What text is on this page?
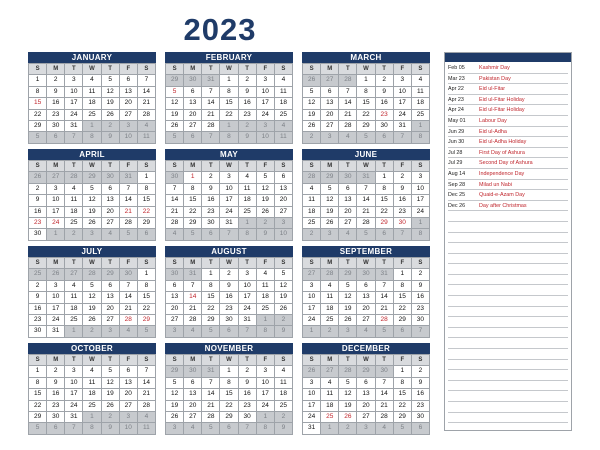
2023
JANUARY
S	M	T	W	T	F	S
1	2	3	4	5	6	7
8	9	10	11	12	13	14
15	16	17	18	19	20	21
22	23	24	25	26	27	28
29	30	31	1	2	3	4
5	6	7	8	9	10	11
FEBRUARY
S	M	T	W	T	F	S
29	30	31	1	2	3	4
5	6	7	8	9	10	11
12	13	14	15	16	17	18
19	20	21	22	23	24	25
26	27	28	1	2	3	4
5	6	7	8	9	10	11
MARCH
S	M	T	W	T	F	S
26	27	28	1	2	3	4
5	6	7	8	9	10	11
12	13	14	15	16	17	18
19	20	21	22	23	24	25
26	27	28	29	30	31	1
2	3	4	5	6	7	8
APRIL
S	M	T	W	T	F	S
26	27	28	29	30	31	1
2	3	4	5	6	7	8
9	10	11	12	13	14	15
16	17	18	19	20	21	22
23	24	25	26	27	28	29
30	1	2	3	4	5	6
MAY
S	M	T	W	T	F	S
30	1	2	3	4	5	6
7	8	9	10	11	12	13
14	15	16	17	18	19	20
21	22	23	24	25	26	27
28	29	30	31	1	2	3
4	5	6	7	8	9	10
JUNE
S	M	T	W	T	F	S
28	29	30	31	1	2	3
4	5	6	7	8	9	10
11	12	13	14	15	16	17
18	19	20	21	22	23	24
25	26	27	28	29	30	1
2	3	4	5	6	7	8
JULY
S	M	T	W	T	F	S
25	26	27	28	29	30	1
2	3	4	5	6	7	8
9	10	11	12	13	14	15
16	17	18	19	20	21	22
23	24	25	26	27	28	29
30	31	1	2	3	4	5
AUGUST
S	M	T	W	T	F	S
30	31	1	2	3	4	5
6	7	8	9	10	11	12
13	14	15	16	17	18	19
20	21	22	23	24	25	26
27	28	29	30	31	1	2
3	4	5	6	7	8	9
SEPTEMBER
S	M	T	W	T	F	S
27	28	29	30	31	1	2
3	4	5	6	7	8	9
10	11	12	13	14	15	16
17	18	19	20	21	22	23
24	25	26	27	28	29	30
1	2	3	4	5	6	7
OCTOBER
S	M	T	W	T	F	S
1	2	3	4	5	6	7
8	9	10	11	12	13	14
15	16	17	18	19	20	21
22	23	24	25	26	27	28
29	30	31	1	2	3	4
5	6	7	8	9	10	11
NOVEMBER
S	M	T	W	T	F	S
29	30	31	1	2	3	4
5	6	7	8	9	10	11
12	13	14	15	16	17	18
19	20	21	22	23	24	25
26	27	28	29	30	1	2
3	4	5	6	7	8	9
DECEMBER
S	M	T	W	T	F	S
26	27	28	29	30	1	2
3	4	5	6	7	8	9
10	11	12	13	14	15	16
17	18	19	20	21	22	23
24	25	26	27	28	29	30
31	1	2	3	4	5	6
Feb 05	Kashmir Day
Mar 23	Pakistan Day
Apr 22	Eid ul-Fitar
Apr 23	Eid ul-Fitar Holiday
Apr 24	Eid ul-Fitar Holiday
May 01	Labour Day
Jun 29	Eid ul-Adha
Jun 30	Eid ul-Adha Holiday
Jul 28	First Day of Ashura
Jul 29	Second Day of Ashura
Aug 14	Independence Day
Sep 28	Milad un Nabi
Dec 25	Quaid-e-Azam Day
Dec 26	Day after Christmas
